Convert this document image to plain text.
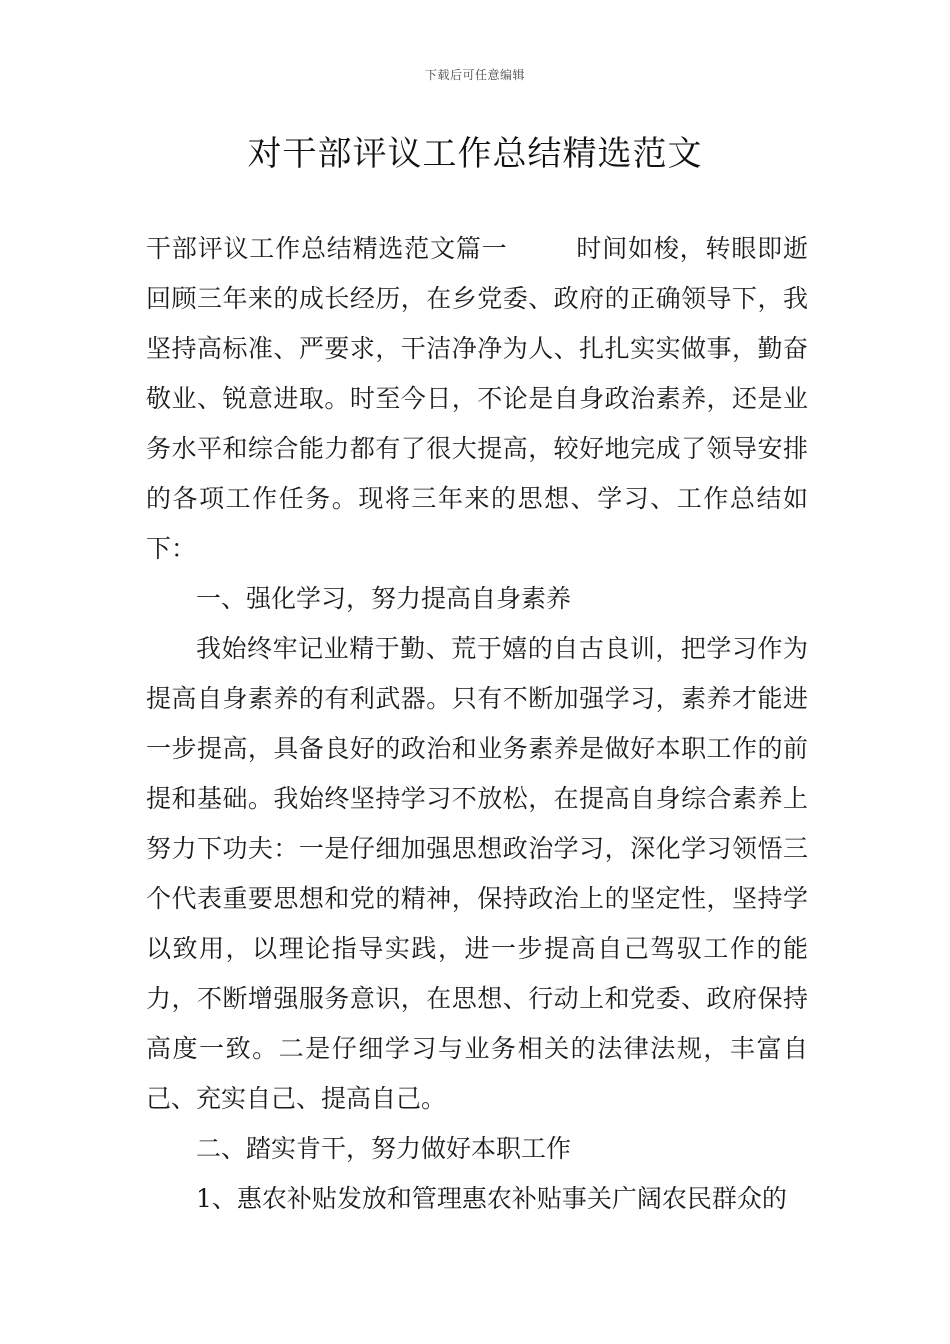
下载后可任意编辑
对干部评议工作总结精选范文

干部评议工作总结精选范文篇一	时间如梭，转眼即逝回顾三年来的成长经历，在乡党委、政府的正确领导下，我坚持高标准、严要求，干洁净净为人、扎扎实实做事，勤奋敬业、锐意进取。时至今日，不论是自身政治素养，还是业务水平和综合能力都有了很大提高，较好地完成了领导安排的各项工作任务。现将三年来的思想、学习、工作总结如下：

一、强化学习，努力提高自身素养

我始终牢记业精于勤、荒于嬉的自古良训，把学习作为提高自身素养的有利武器。只有不断加强学习，素养才能进一步提高，具备良好的政治和业务素养是做好本职工作的前提和基础。我始终坚持学习不放松，在提高自身综合素养上努力下功夫：一是仔细加强思想政治学习，深化学习领悟三个代表重要思想和党的精神，保持政治上的坚定性，坚持学以致用，以理论指导实践，进一步提高自己驾驭工作的能力，不断增强服务意识，在思想、行动上和党委、政府保持高度一致。二是仔细学习与业务相关的法律法规，丰富自己、充实自己、提高自己。

二、踏实肯干，努力做好本职工作

1、惠农补贴发放和管理惠农补贴事关广阔农民群众的
